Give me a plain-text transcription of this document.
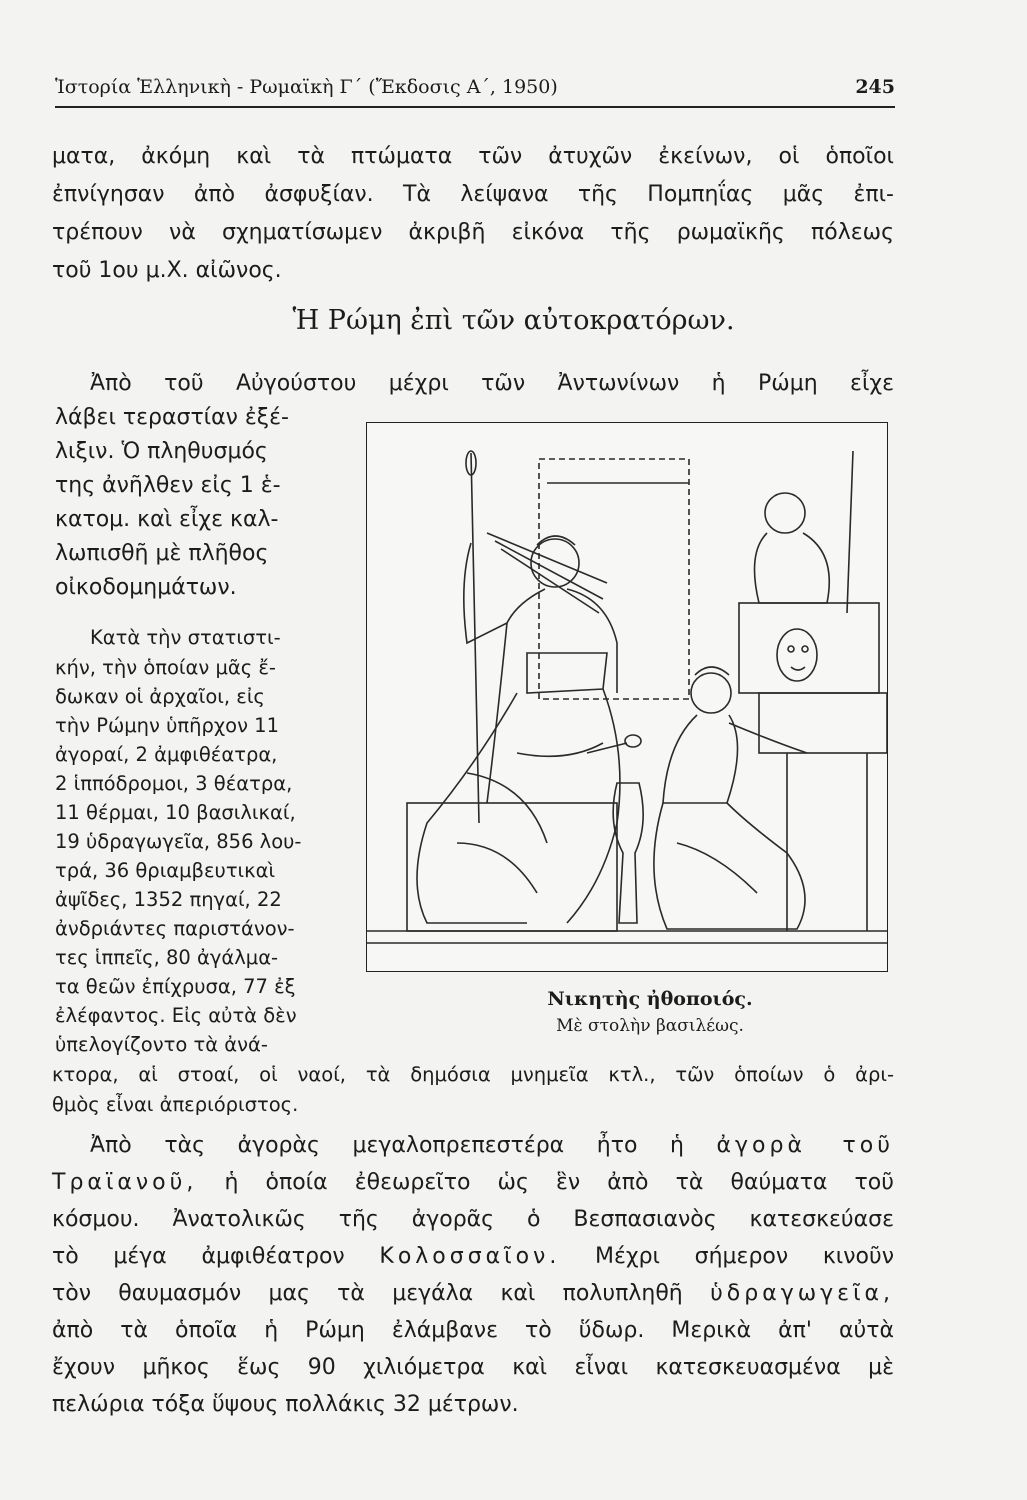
Ἱστορία Ἑλληνικὴ - Ρωμαϊκὴ Γ΄ (Ἔκδοσις Α΄, 1950)	245
ματα, ἀκόμη καὶ τὰ πτώματα τῶν ἀτυχῶν ἐκείνων, οἱ ὁποῖοι
ἐπνίγησαν ἀπὸ ἀσφυξίαν. Τὰ λείψανα τῆς Πομπηΐας μᾶς ἐπι-
τρέπουν νὰ σχηματίσωμεν ἀκριβῆ εἰκόνα τῆς ρωμαϊκῆς πόλεως
τοῦ 1ου μ.Χ. αἰῶνος.
Ἡ Ρώμη ἐπὶ τῶν αὐτοκρατόρων.
Ἀπὸ τοῦ Αὐγούστου μέχρι τῶν Ἀντωνίνων ἡ Ρώμη εἶχε
λάβει τεραστίαν ἐξέ-
λιξιν. Ὁ πληθυσμός
της ἀνῆλθεν εἰς 1 ἑ-
κατομ. καὶ εἶχε καλ-
λωπισθῆ μὲ πλῆθος
οἰκοδομημάτων.
Κατὰ τὴν στατιστι-
κήν, τὴν ὁποίαν μᾶς ἔ-
δωκαν οἱ ἀρχαῖοι, εἰς
τὴν Ρώμην ὑπῆρχον 11
ἀγοραί, 2 ἀμφιθέατρα,
2 ἱππόδρομοι, 3 θέατρα,
11 θέρμαι, 10 βασιλικαί,
19 ὑδραγωγεῖα, 856 λου-
τρά, 36 θριαμβευτικαὶ
ἀψῖδες, 1352 πηγαί, 22
ἀνδριάντες παριστάνον-
τες ἱππεῖς, 80 ἀγάλμα-
τα θεῶν ἐπίχρυσα, 77 ἐξ
ἐλέφαντος. Εἰς αὐτὰ δὲν
ὑπελογίζοντο τὰ ἀνά-
κτορα, αἱ στοαί, οἱ ναοί, τὰ δημόσια μνημεῖα κτλ., τῶν ὁποίων ὁ ἀρι-
θμὸς εἶναι ἀπεριόριστος.
Νικητὴς ἠθοποιός.
Μὲ στολὴν βασιλέως.
Ἀπὸ τὰς ἀγορὰς μεγαλοπρεπεστέρα ἦτο ἡ ἀγορὰ τοῦ
Τραϊανοῦ, ἡ ὁποία ἐθεωρεῖτο ὡς ἓν ἀπὸ τὰ θαύματα τοῦ
κόσμου. Ἀνατολικῶς τῆς ἀγορᾶς ὁ Βεσπασιανὸς κατεσκεύασε
τὸ μέγα ἀμφιθέατρον Κολοσσαῖον. Μέχρι σήμερον κινοῦν
τὸν θαυμασμόν μας τὰ μεγάλα καὶ πολυπληθῆ ὑδραγωγεῖα,
ἀπὸ τὰ ὁποῖα ἡ Ρώμη ἐλάμβανε τὸ ὕδωρ. Μερικὰ ἀπ' αὐτὰ
ἔχουν μῆκος ἕως 90 χιλιόμετρα καὶ εἶναι κατεσκευασμένα μὲ
πελώρια τόξα ὕψους πολλάκις 32 μέτρων.
